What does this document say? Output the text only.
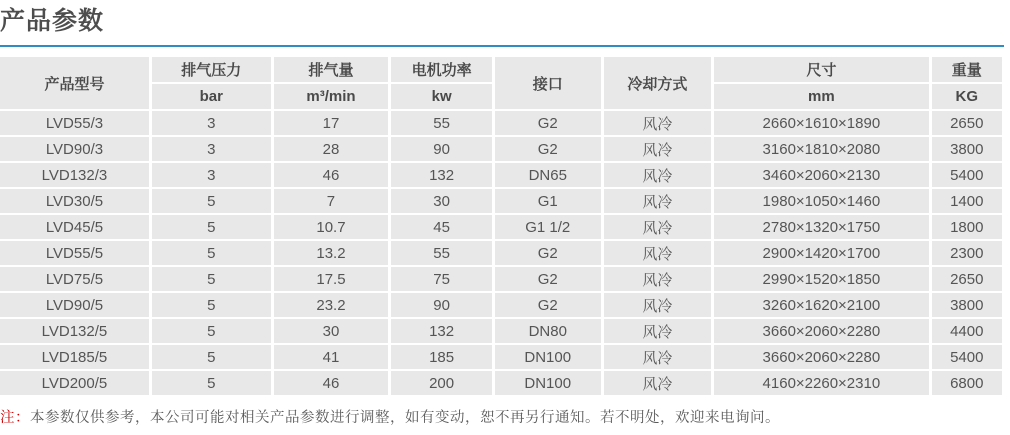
产品参数
产品型号	排气压力	排气量	电机功率	接口	冷却方式	尺寸	重量
	bar	m³/min	kw			mm	KG
LVD55/3	3	17	55	G2	风冷	2660×1610×1890	2650
LVD90/3	3	28	90	G2	风冷	3160×1810×2080	3800
LVD132/3	3	46	132	DN65	风冷	3460×2060×2130	5400
LVD30/5	5	7	30	G1	风冷	1980×1050×1460	1400
LVD45/5	5	10.7	45	G1 1/2	风冷	2780×1320×1750	1800
LVD55/5	5	13.2	55	G2	风冷	2900×1420×1700	2300
LVD75/5	5	17.5	75	G2	风冷	2990×1520×1850	2650
LVD90/5	5	23.2	90	G2	风冷	3260×1620×2100	3800
LVD132/5	5	30	132	DN80	风冷	3660×2060×2280	4400
LVD185/5	5	41	185	DN100	风冷	3660×2060×2280	5400
LVD200/5	5	46	200	DN100	风冷	4160×2260×2310	6800

注：本参数仅供参考，本公司可能对相关产品参数进行调整，如有变动，恕不再另行通知。若不明处，欢迎来电询问。
